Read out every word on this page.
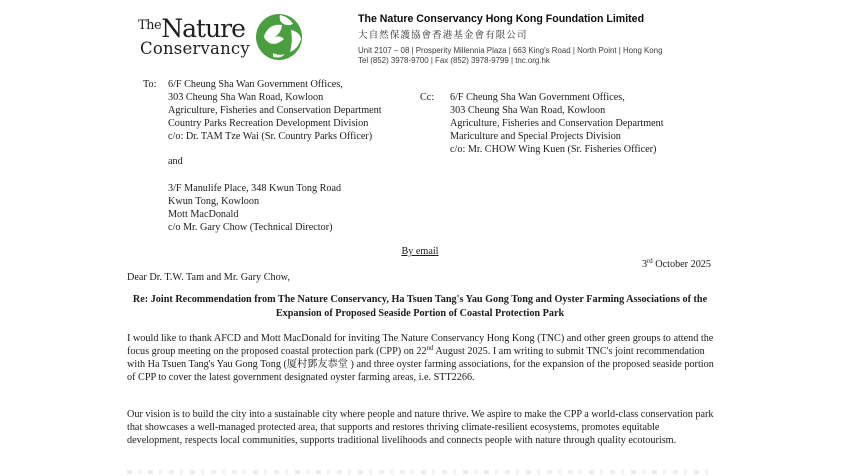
$^{The}$Nature
Conservancy
The Nature Conservancy Hong Kong Foundation Limited
大自然保護協會香港基金會有限公司
Unit 2107 – 08 | Prosperity Millennia Plaza | 663 King's Road | North Point | Hong Kong
Tel (852) 3978-9700 | Fax (852) 3978-9799 | tnc.org.hk
To:	6/F Cheung Sha Wan Government Offices,
303 Cheung Sha Wan Road, Kowloon
Agriculture, Fisheries and Conservation Department
Country Parks Recreation Development Division
c/o: Dr. TAM Tze Wai (Sr. Country Parks Officer)
Cc:	6/F Cheung Sha Wan Government Offices,
303 Cheung Sha Wan Road, Kowloon
Agriculture, Fisheries and Conservation Department
Mariculture and Special Projects Division
c/o: Mr. CHOW Wing Kuen (Sr. Fisheries Officer)
and
3/F Manulife Place, 348 Kwun Tong Road
Kwun Tong, Kowloon
Mott MacDonald
c/o Mr. Gary Chow (Technical Director)
By email
3rd October 2025
Dear Dr. T.W. Tam and Mr. Gary Chow,
Re: Joint Recommendation from The Nature Conservancy, Ha Tsuen Tang's Yau Gong Tong and Oyster Farming Associations of the Expansion of Proposed Seaside Portion of Coastal Protection Park
I would like to thank AFCD and Mott MacDonald for inviting The Nature Conservancy Hong Kong (TNC) and other green groups to attend the focus group meeting on the proposed coastal protection park (CPP) on 22nd August 2025. I am writing to submit TNC's joint recommendation with Ha Tsuen Tang's Yau Gong Tong (厦村鄧友恭堂 ) and three oyster farming associations, for the expansion of the proposed seaside portion of CPP to cover the latest government designated oyster farming areas, i.e. STT2266.
Our vision is to build the city into a sustainable city where people and nature thrive. We aspire to make the CPP a world-class conservation park that showcases a well-managed protected area, that supports and restores thriving climate-resilient ecosystems, promotes equitable development, respects local communities, supports traditional livelihoods and connects people with nature through quality ecotourism.
